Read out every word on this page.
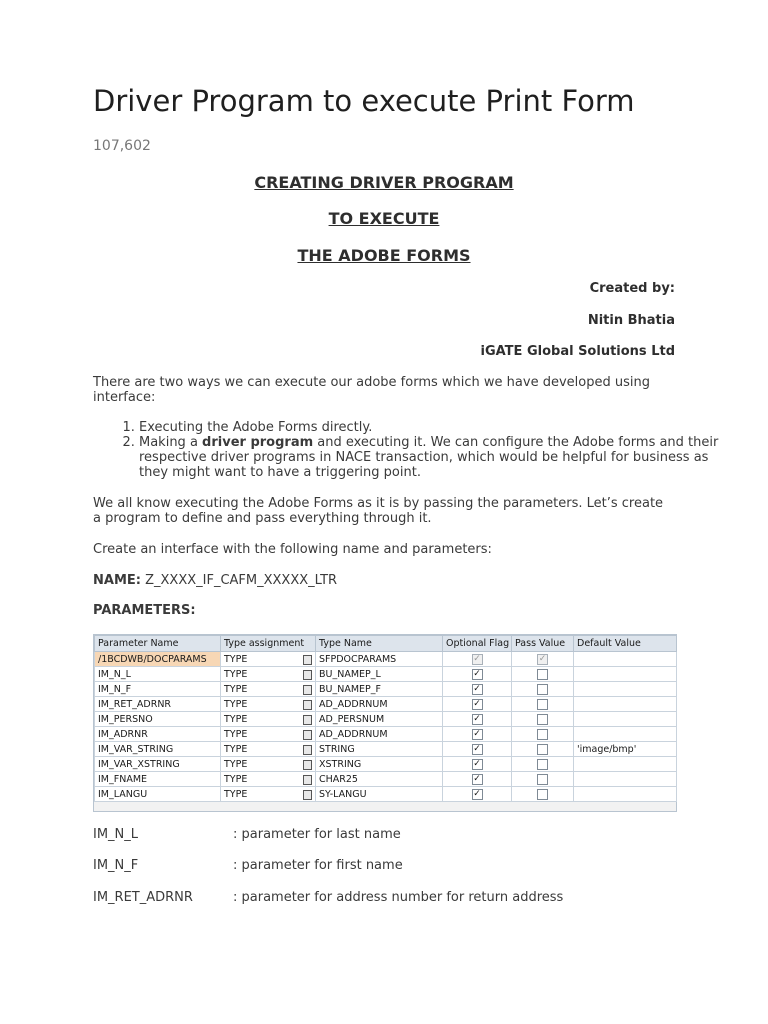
Driver Program to execute Print Form
107,602
CREATING DRIVER PROGRAM
TO EXECUTE
THE ADOBE FORMS
Created by:
Nitin Bhatia
iGATE Global Solutions Ltd
There are two ways we can execute our adobe forms which we have developed using interface:
1. Executing the Adobe Forms directly.
2. Making a driver program and executing it. We can configure the Adobe forms and their respective driver programs in NACE transaction, which would be helpful for business as they might want to have a triggering point.
We all know executing the Adobe Forms as it is by passing the parameters. Let’s create a program to define and pass everything through it.
Create an interface with the following name and parameters:
NAME: Z_XXXX_IF_CAFM_XXXXX_LTR
PARAMETERS:
Parameter Name	Type assignment	Type Name	Optional Flag	Pass Value	Default Value
/1BCDWB/DOCPARAMS	TYPE	SFPDOCPARAMS	✓	✓	
IM_N_L	TYPE	BU_NAMEP_L	✓		
IM_N_F	TYPE	BU_NAMEP_F	✓		
IM_RET_ADRNR	TYPE	AD_ADDRNUM	✓		
IM_PERSNO	TYPE	AD_PERSNUM	✓		
IM_ADRNR	TYPE	AD_ADDRNUM	✓		
IM_VAR_STRING	TYPE	STRING	✓		'image/bmp'
IM_VAR_XSTRING	TYPE	XSTRING	✓		
IM_FNAME	TYPE	CHAR25	✓		
IM_LANGU	TYPE	SY-LANGU	✓		
IM_N_L	: parameter for last name
IM_N_F	: parameter for first name
IM_RET_ADRNR	: parameter for address number for return address
